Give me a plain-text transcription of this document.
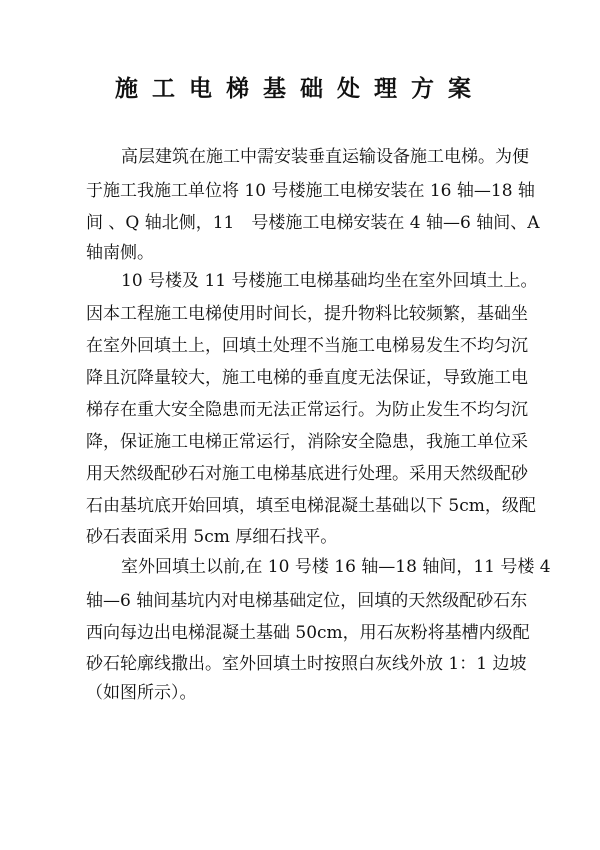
施工电梯基础处理方案
高层建筑在施工中需安装垂直运输设备施工电梯。为便
于施工我施工单位将 10 号楼施工电梯安装在 16 轴—18 轴
间 、Q 轴北侧，11　号楼施工电梯安装在 4 轴—6 轴间、A
轴南侧。
10 号楼及 11 号楼施工电梯基础均坐在室外回填土上。
因本工程施工电梯使用时间长，提升物料比较频繁，基础坐
在室外回填土上，回填土处理不当施工电梯易发生不均匀沉
降且沉降量较大，施工电梯的垂直度无法保证，导致施工电
梯存在重大安全隐患而无法正常运行。为防止发生不均匀沉
降，保证施工电梯正常运行，消除安全隐患，我施工单位采
用天然级配砂石对施工电梯基底进行处理。采用天然级配砂
石由基坑底开始回填，填至电梯混凝土基础以下 5cm，级配
砂石表面采用 5cm 厚细石找平。
室外回填土以前,在 10 号楼 16 轴—18 轴间，11 号楼 4
轴—6 轴间基坑内对电梯基础定位，回填的天然级配砂石东
西向每边出电梯混凝土基础 50cm，用石灰粉将基槽内级配
砂石轮廓线撒出。室外回填土时按照白灰线外放 1：1 边坡
（如图所示）。
